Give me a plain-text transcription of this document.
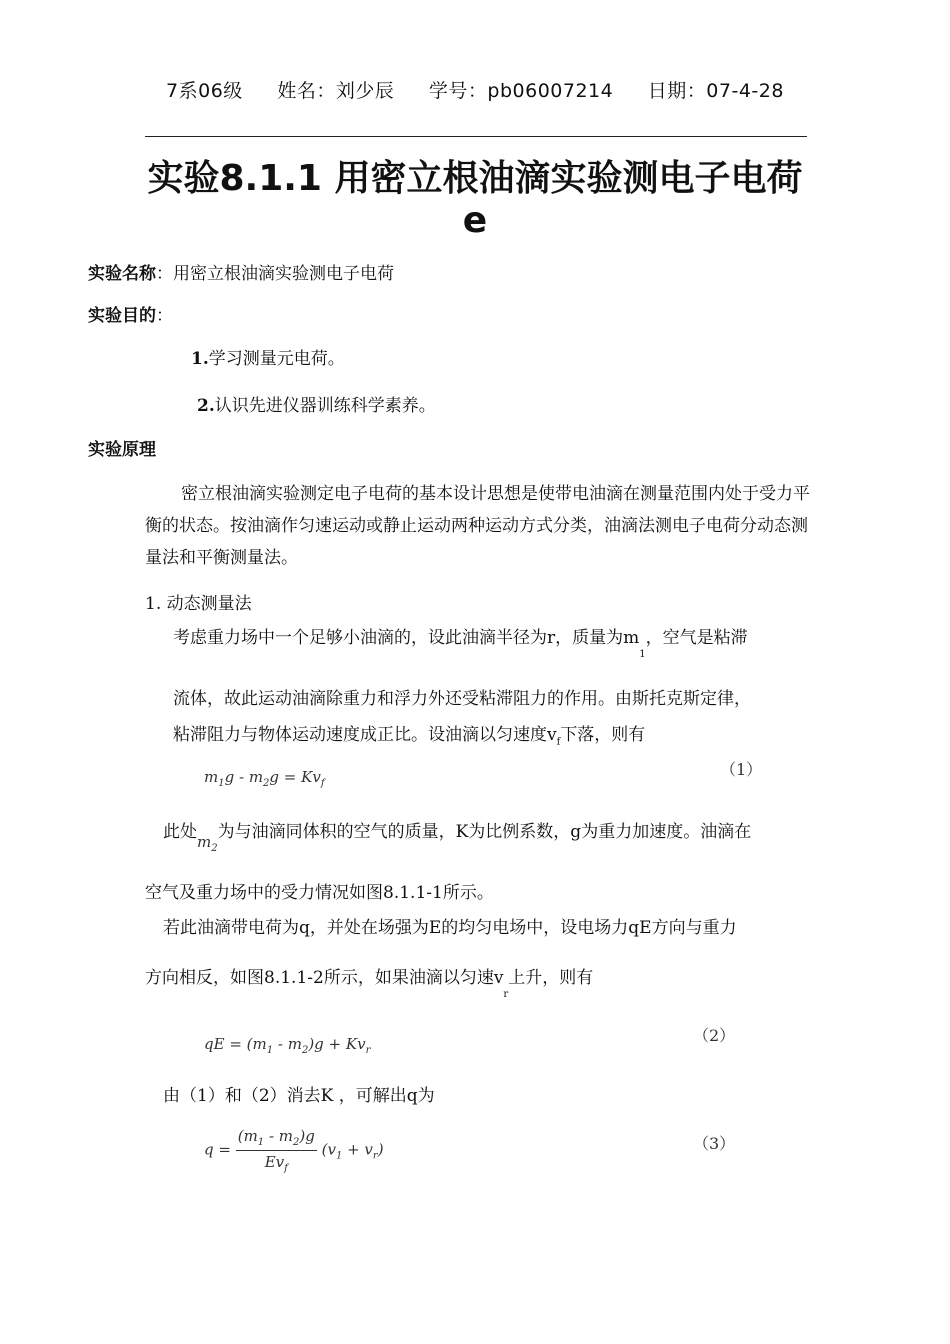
7系06级 姓名：刘少辰 学号：pb06007214 日期：07-4-28
实验8.1.1 用密立根油滴实验测电子电荷
e
实验名称：用密立根油滴实验测电子电荷
实验目的：
1.学习测量元电荷。
2.认识先进仪器训练科学素养。
实验原理
密立根油滴实验测定电子电荷的基本设计思想是使带电油滴在测量范围内处于受力平衡的状态。按油滴作匀速运动或静止运动两种运动方式分类，油滴法测电子电荷分动态测量法和平衡测量法。
1. 动态测量法
考虑重力场中一个足够小油滴的，设此油滴半径为r，质量为$m_1$，空气是粘滞
流体，故此运动油滴除重力和浮力外还受粘滞阻力的作用。由斯托克斯定律，
粘滞阻力与物体运动速度成正比。设油滴以匀速度$v_f$下落，则有
$m_1g - m_2g = Kv_f$
（1）
此处$m_2$为与油滴同体积的空气的质量，K为比例系数，g为重力加速度。油滴在
空气及重力场中的受力情况如图8.1.1-1所示。
若此油滴带电荷为q，并处在场强为E的均匀电场中，设电场力qE方向与重力
方向相反，如图8.1.1-2所示，如果油滴以匀速$v_r$上升，则有
qE = $(m_1 - m_2)g + Kv_r$
（2）
由（1）和（2）消去K ，可解出q为
$q = \frac{(m_1 - m_2)g}{Ev_f} (v_1 + v_r)$	（3）
